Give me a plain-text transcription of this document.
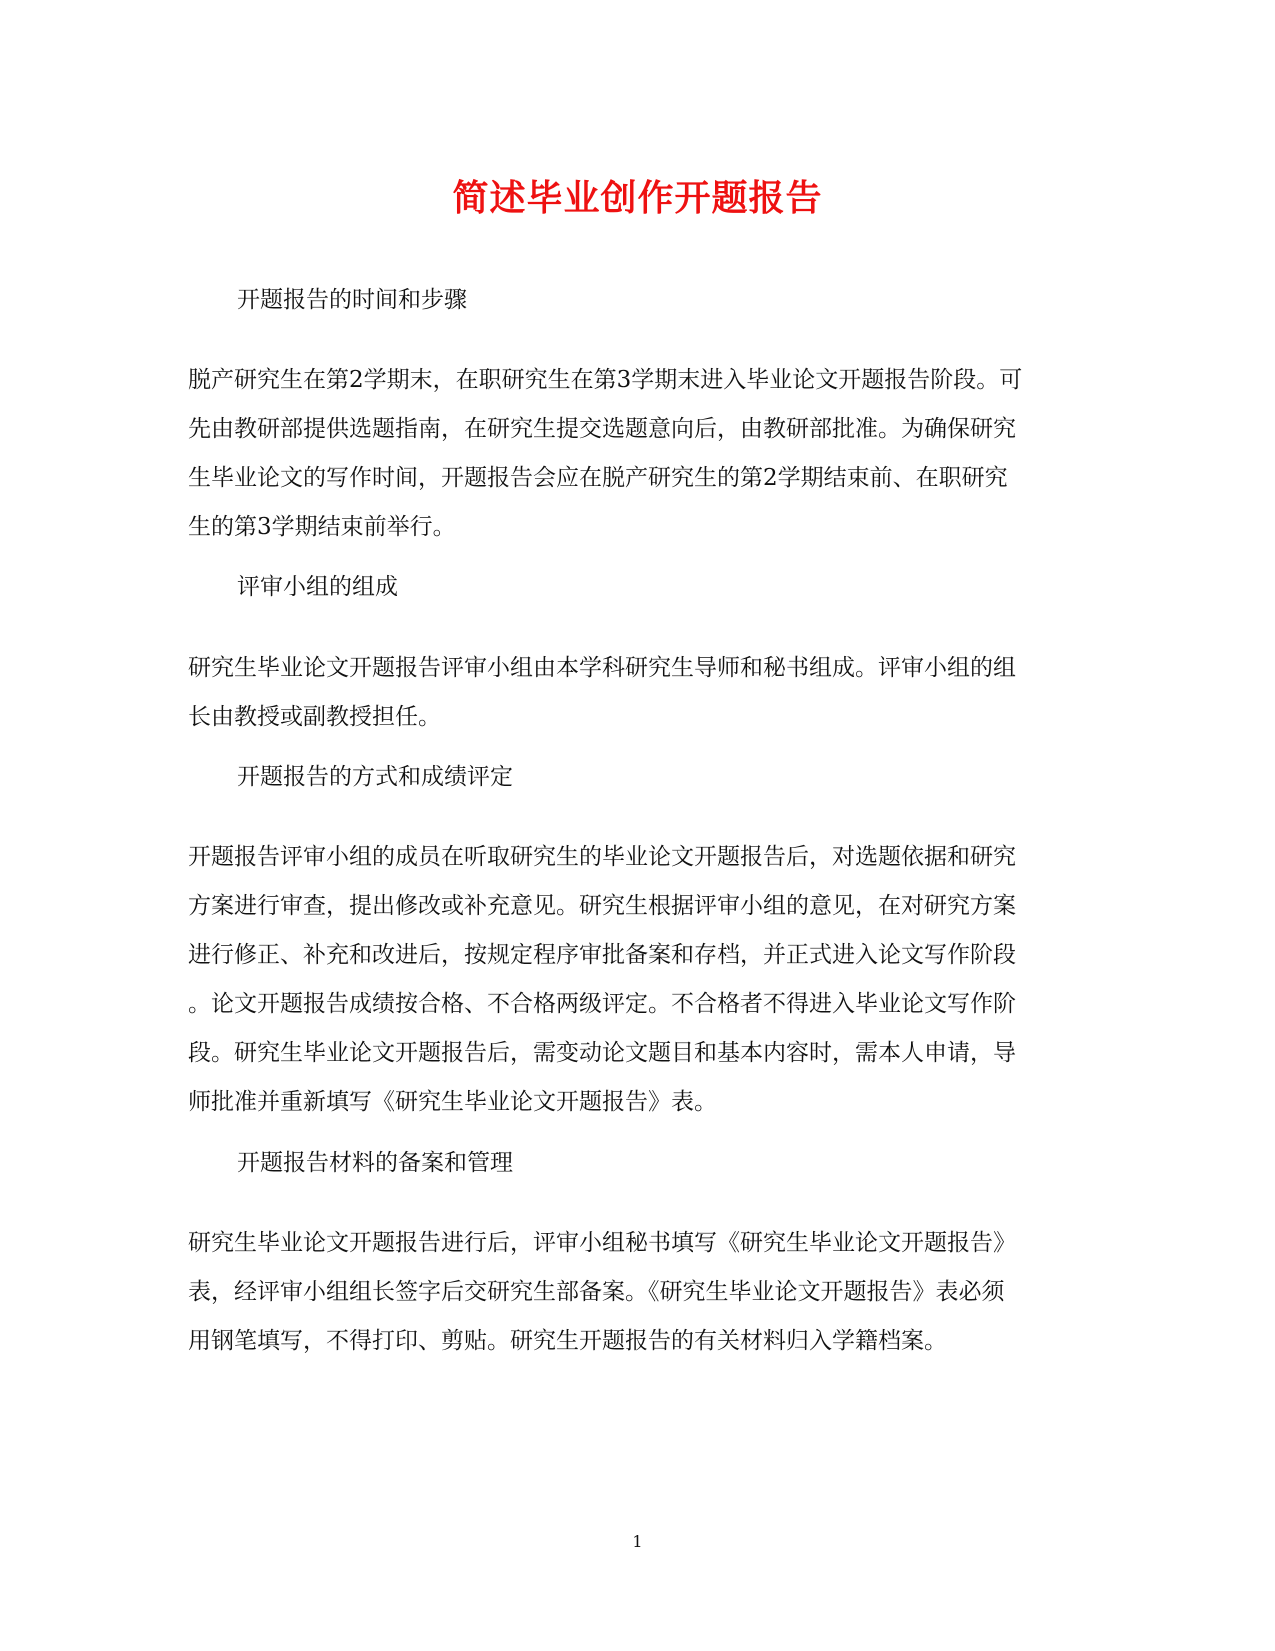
简述毕业创作开题报告

开题报告的时间和步骤

脱产研究生在第2学期末，在职研究生在第3学期末进入毕业论文开题报告阶段。可
先由教研部提供选题指南，在研究生提交选题意向后，由教研部批准。为确保研究
生毕业论文的写作时间，开题报告会应在脱产研究生的第2学期结束前、在职研究
生的第3学期结束前举行。

评审小组的组成

研究生毕业论文开题报告评审小组由本学科研究生导师和秘书组成。评审小组的组
长由教授或副教授担任。

开题报告的方式和成绩评定

开题报告评审小组的成员在听取研究生的毕业论文开题报告后，对选题依据和研究
方案进行审查，提出修改或补充意见。研究生根据评审小组的意见，在对研究方案
进行修正、补充和改进后，按规定程序审批备案和存档，并正式进入论文写作阶段
。论文开题报告成绩按合格、不合格两级评定。不合格者不得进入毕业论文写作阶
段。研究生毕业论文开题报告后，需变动论文题目和基本内容时，需本人申请，导
师批准并重新填写《研究生毕业论文开题报告》表。

开题报告材料的备案和管理

研究生毕业论文开题报告进行后，评审小组秘书填写《研究生毕业论文开题报告》
表，经评审小组组长签字后交研究生部备案。《研究生毕业论文开题报告》表必须
用钢笔填写，不得打印、剪贴。研究生开题报告的有关材料归入学籍档案。

1
